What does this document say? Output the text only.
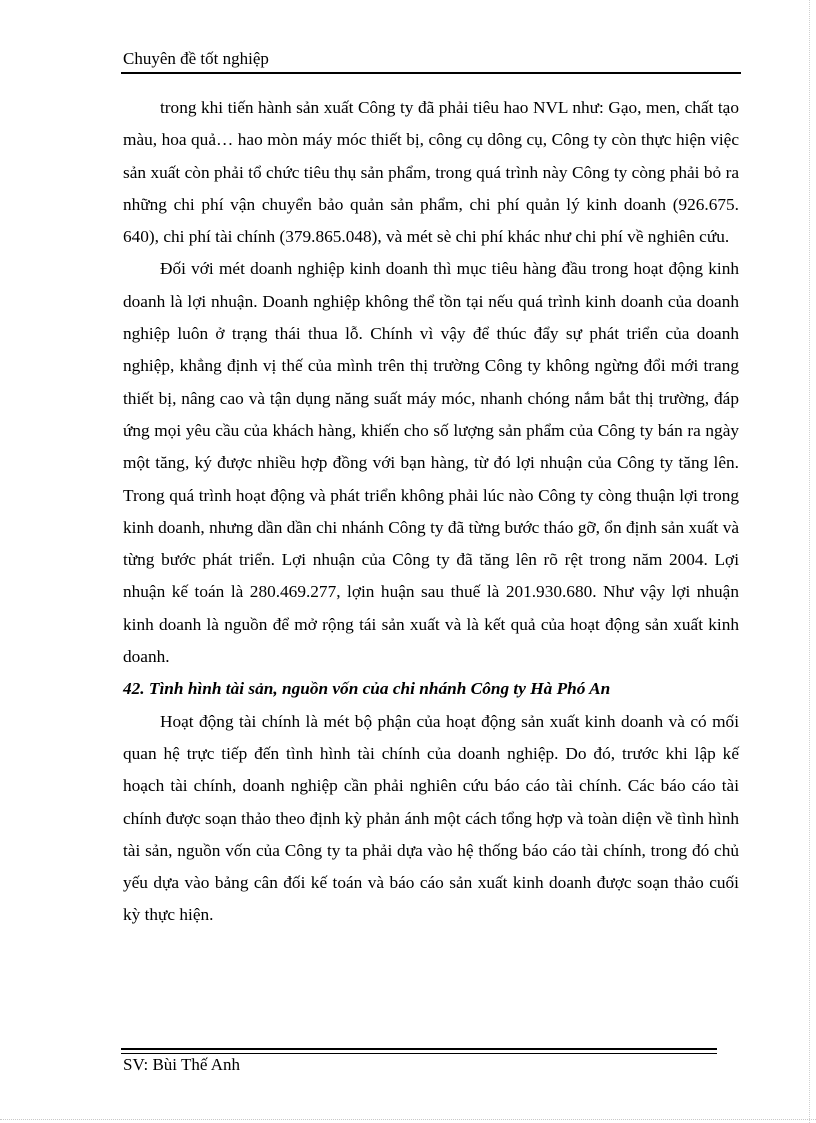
Chuyên đề tốt nghiệp

trong khi tiến hành sản xuất Công ty đã phải tiêu hao NVL như: Gạo, men, chất tạo màu, hoa quả… hao mòn máy móc thiết bị, công cụ dông cụ, Công ty còn thực hiện việc sản xuất còn phải tổ chức tiêu thụ sản phẩm, trong quá trình này Công ty còng phải bỏ ra những chi phí vận chuyển bảo quản sản phẩm, chi phí quản lý kinh doanh (926.675. 640), chi phí tài chính (379.865.048), và mét sè chi phí khác như chi phí về nghiên cứu.

Đối với mét doanh nghiệp kinh doanh thì mục tiêu hàng đầu trong hoạt động kinh doanh là lợi nhuận. Doanh nghiệp không thể tồn tại nếu quá trình kinh doanh của doanh nghiệp luôn ở trạng thái thua lỗ. Chính vì vậy để thúc đẩy sự phát triển của doanh nghiệp, khẳng định vị thế của mình trên thị trường Công ty không ngừng đổi mới trang thiết bị, nâng cao và tận dụng năng suất máy móc, nhanh chóng nắm bắt thị trường, đáp ứng mọi yêu cầu của khách hàng, khiến cho số lượng sản phẩm của Công ty bán ra ngày một tăng, ký được nhiều hợp đồng với bạn hàng, từ đó lợi nhuận của Công ty tăng lên. Trong quá trình hoạt động và phát triển không phải lúc nào Công ty còng thuận lợi trong kinh doanh, nhưng dần dần chi nhánh Công ty đã từng bước tháo gỡ, ổn định sản xuất và từng bước phát triển. Lợi nhuận của Công ty đã tăng lên rõ rệt trong năm 2004. Lợi nhuận kế toán là 280.469.277, lợin huận sau thuế là 201.930.680. Như vậy lợi nhuận kinh doanh là nguồn để mở rộng tái sản xuất và là kết quả của hoạt động sản xuất kinh doanh.

42. Tình hình tài sản, nguồn vốn của chi nhánh Công ty Hà Phó An

Hoạt động tài chính là mét bộ phận của hoạt động sản xuất kinh doanh và có mối quan hệ trực tiếp đến tình hình tài chính của doanh nghiệp. Do đó, trước khi lập kế hoạch tài chính, doanh nghiệp cần phải nghiên cứu báo cáo tài chính. Các báo cáo tài chính được soạn thảo theo định kỳ phản ánh một cách tổng hợp và toàn diện về tình hình tài sản, nguồn vốn của Công ty ta phải dựa vào hệ thống báo cáo tài chính, trong đó chủ yếu dựa vào bảng cân đối kế toán và báo cáo sản xuất kinh doanh được soạn thảo cuối kỳ thực hiện.

SV: Bùi Thế Anh
